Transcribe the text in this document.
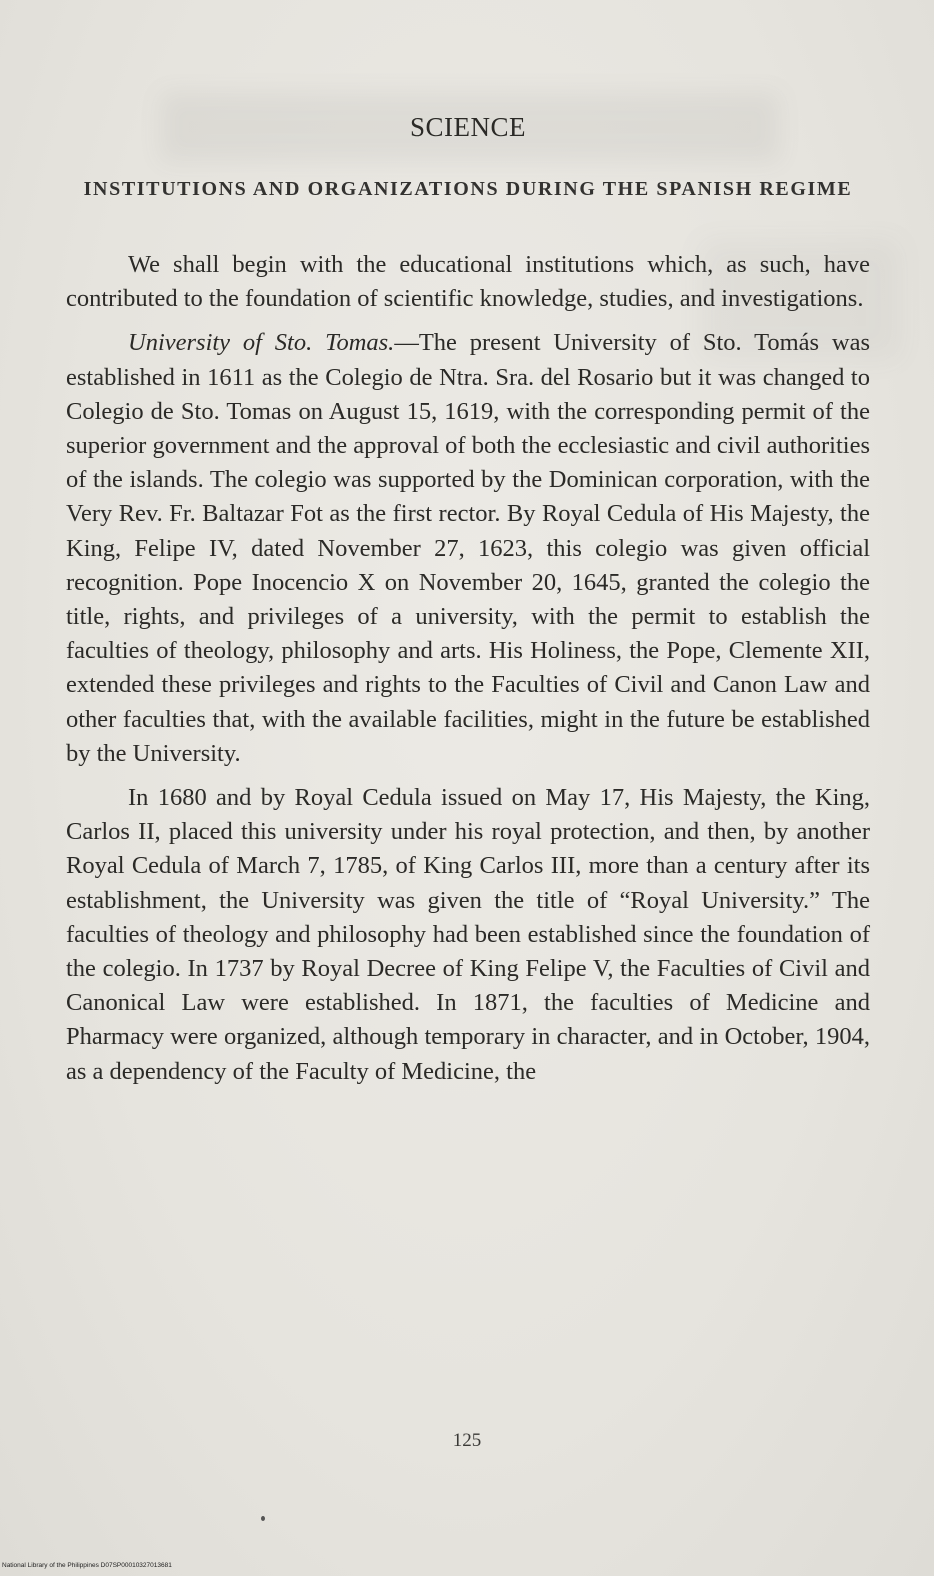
SCIENCE
INSTITUTIONS AND ORGANIZATIONS DURING THE SPANISH REGIME

We shall begin with the educational institutions which, as such, have contributed to the foundation of scientific knowledge, studies, and investigations.

University of Sto. Tomas.—The present University of Sto. Tomás was established in 1611 as the Colegio de Ntra. Sra. del Rosario but it was changed to Colegio de Sto. Tomas on August 15, 1619, with the corresponding permit of the superior government and the approval of both the ecclesiastic and civil authorities of the islands. The colegio was supported by the Dominican corporation, with the Very Rev. Fr. Baltazar Fot as the first rector. By Royal Cedula of His Majesty, the King, Felipe IV, dated November 27, 1623, this colegio was given official recognition. Pope Inocencio X on November 20, 1645, granted the colegio the title, rights, and privileges of a university, with the permit to establish the faculties of theology, philosophy and arts. His Holiness, the Pope, Clemente XII, extended these privileges and rights to the Faculties of Civil and Canon Law and other faculties that, with the available facilities, might in the future be established by the University.

In 1680 and by Royal Cedula issued on May 17, His Majesty, the King, Carlos II, placed this university under his royal protection, and then, by another Royal Cedula of March 7, 1785, of King Carlos III, more than a century after its establishment, the University was given the title of “Royal University.” The faculties of theology and philosophy had been established since the foundation of the colegio. In 1737 by Royal Decree of King Felipe V, the Faculties of Civil and Canonical Law were established. In 1871, the faculties of Medicine and Pharmacy were organized, although temporary in character, and in October, 1904, as a dependency of the Faculty of Medicine, the

125
National Library of the Philippines D07SP00010327013681
